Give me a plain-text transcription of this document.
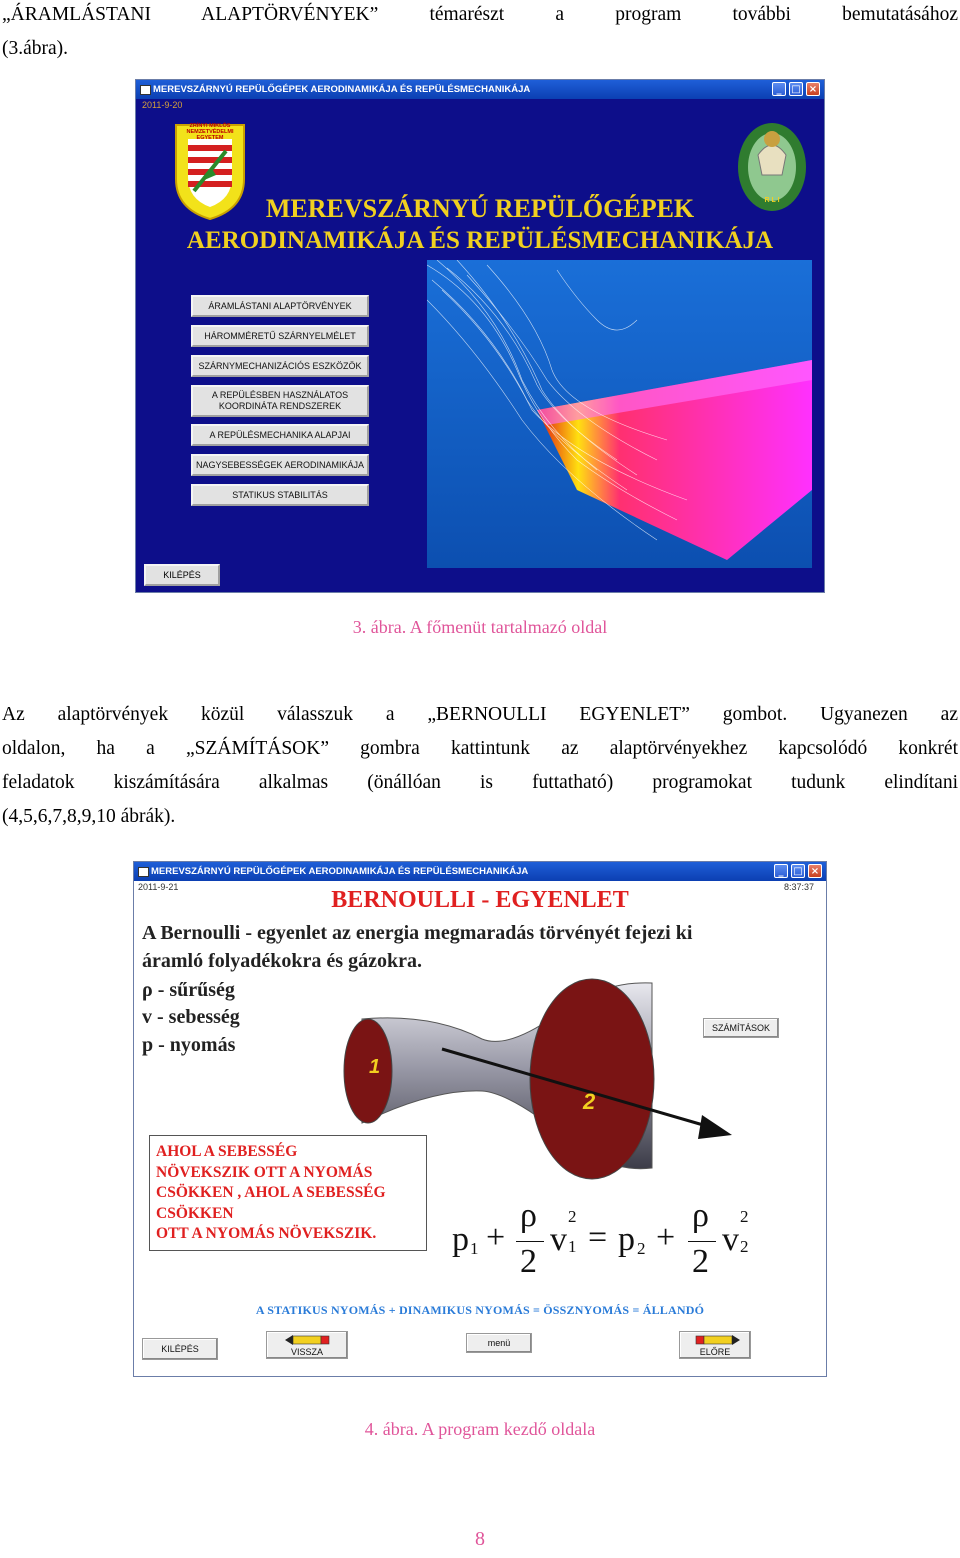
„ÁRAMLÁSTANI ALAPTÖRVÉNYEK” témarészt a program további bemutatásához
(3.ábra).
MEREVSZÁRNYÚ REPÜLŐGÉPEK AERODINAMIKÁJA ÉS REPÜLÉSMECHANIKÁJA	_ □ ×
2011-9-20
ZRÍNYI MIKLÓS NEMZETVÉDELMI EGYETEM
R L I
MEREVSZÁRNYÚ REPÜLŐGÉPEK
AERODINAMIKÁJA ÉS REPÜLÉSMECHANIKÁJA
ÁRAMLÁSTANI ALAPTÖRVÉNYEK
HÁROMMÉRETŰ SZÁRNYELMÉLET
SZÁRNYMECHANIZÁCIÓS ESZKÖZÖK
A REPÜLÉSBEN HASZNÁLATOS KOORDINÁTA RENDSZEREK
A REPÜLÉSMECHANIKA ALAPJAI
NAGYSEBESSÉGEK AERODINAMIKÁJA
STATIKUS STABILITÁS
KILÉPÉS
3. ábra. A főmenüt tartalmazó oldal
Az alaptörvények közül válasszuk a „BERNOULLI EGYENLET” gombot. Ugyanezen az
oldalon, ha a „SZÁMÍTÁSOK” gombra kattintunk az alaptörvényekhez kapcsolódó konkrét
feladatok kiszámítására alkalmas (önállóan is futtatható) programokat tudunk elindítani
(4,5,6,7,8,9,10 ábrák).
MEREVSZÁRNYÚ REPÜLŐGÉPEK AERODINAMIKÁJA ÉS REPÜLÉSMECHANIKÁJA	_ □ ×
2011-9-21	8:37:37
BERNOULLI - EGYENLET
A Bernoulli - egyenlet az energia megmaradás törvényét fejezi ki
áramló folyadékokra és gázokra.
ρ - sűrűség
v - sebesség
p - nyomás
1
2
SZÁMÍTÁSOK
AHOL A SEBESSÉG
NÖVEKSZIK OTT A NYOMÁS
CSÖKKEN , AHOL A SEBESSÉG
CSÖKKEN
OTT A NYOMÁS NÖVEKSZIK.	p 1 +
ρ
2
v
2
1 = p 2 +
ρ
2
v
2
2
A STATIKUS NYOMÁS + DINAMIKUS NYOMÁS = ÖSSZNYOMÁS = ÁLLANDÓ
KILÉPÉS	VISSZA
menü
ELŐRE
4. ábra. A program kezdő oldala
8
